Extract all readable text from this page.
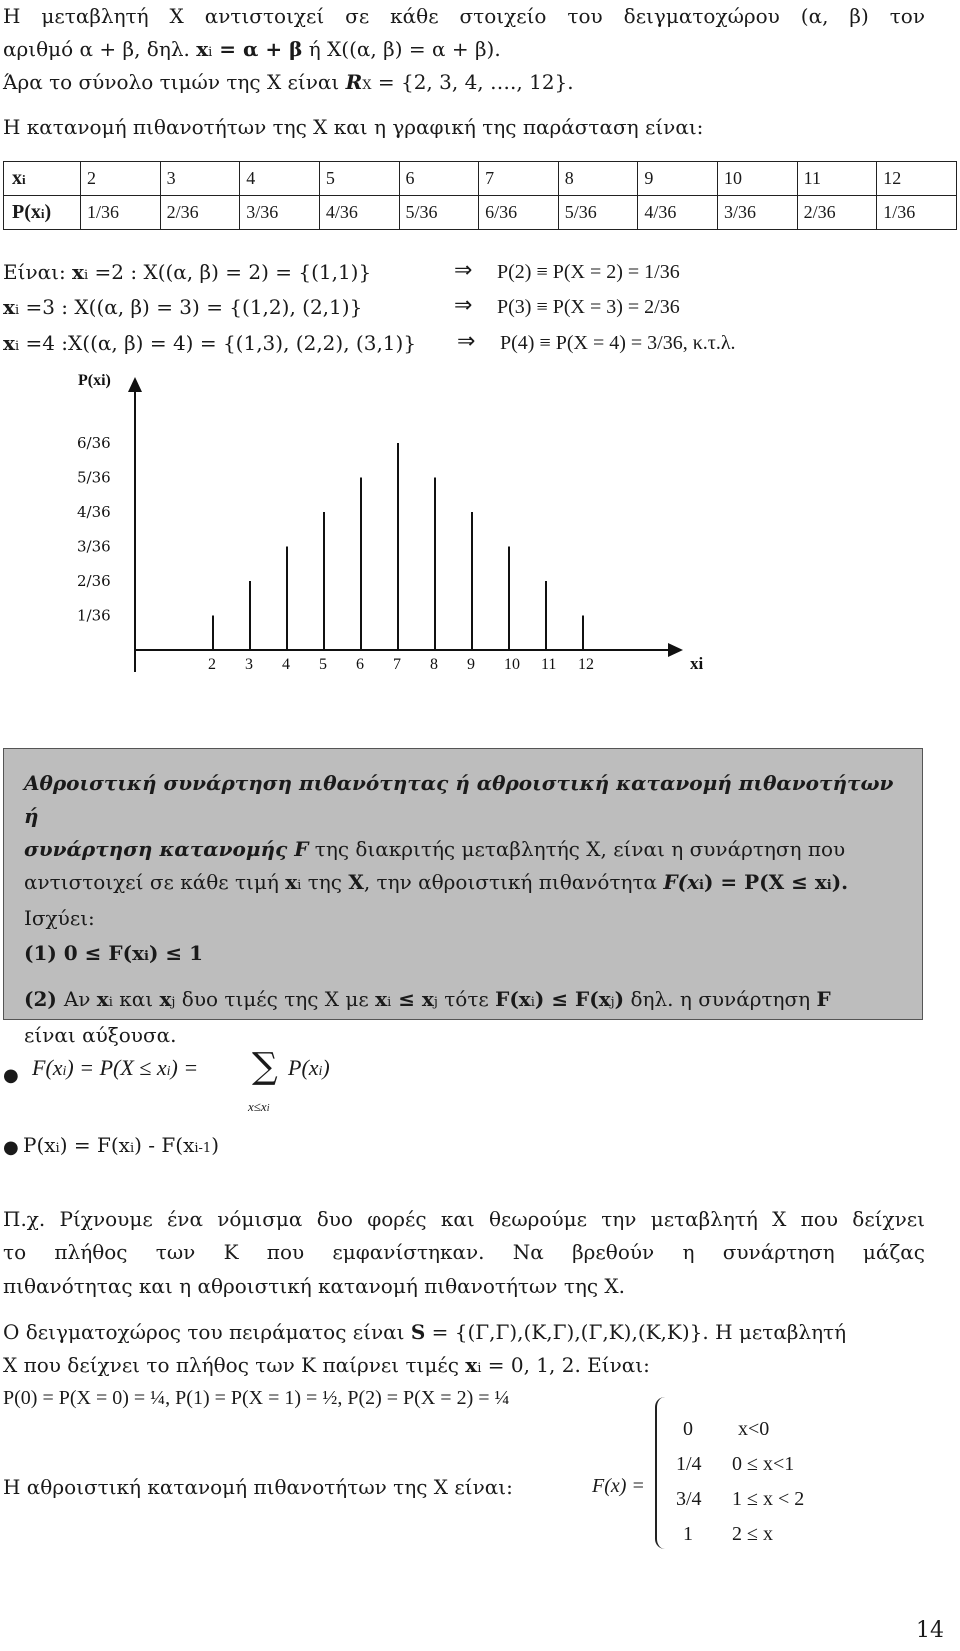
Η μεταβλητή Χ αντιστοιχεί σε κάθε στοιχείο του δειγματοχώρου (α, β) τον
αριθμό α + β, δηλ. xi = α + β ή Χ((α, β) = α + β).
Άρα το σύνολο τιμών της Χ είναι RX = {2, 3, 4, …., 12}.
Η κατανομή πιθανοτήτων της Χ και η γραφική της παράσταση είναι:
xi	2	3	4	5	6	7	8	9	10	11	12
P(xi)	1/36	2/36	3/36	4/36	5/36	6/36	5/36	4/36	3/36	2/36	1/36
Είναι: xi =2 : Χ((α, β) = 2) = {(1,1)}	⇒ P(2) ≡ P(X = 2) = 1/36
xi =3 : Χ((α, β) = 3) = {(1,2), (2,1)}	⇒ P(3) ≡ P(X = 3) = 2/36
xi =4 :Χ((α, β) = 4) = {(1,3), (2,2), (3,1)} ⇒ P(4) ≡ P(X = 4) = 3/36, κ.τ.λ.
P(xi)
1/36
2/36
3/36
4/36
5/36
6/36
2 3 4 5 6 7 8 9 10 11 12	xi

Αθροιστική συνάρτηση πιθανότητας ή αθροιστική κατανομή πιθανοτήτων ή

συνάρτηση κατανομής F της διακριτής μεταβλητής Χ, είναι η συνάρτηση που

αντιστοιχεί σε κάθε τιμή xi της X, την αθροιστική πιθανότητα F(xi) = P(X ≤ xi).

Ισχύει:

(1) 0 ≤ F(xi) ≤ 1

(2) Αν xi και xj δυο τιμές της Χ με xi ≤ xj τότε F(xi) ≤ F(xj) δηλ. η συνάρτηση F

είναι αύξουσα.

● F(xi) = P(X ≤ xi) = ∑
x≤xi
P(xi)
● P(xi) = F(xi) - F(xi-1)
Π.χ. Ρίχνουμε ένα νόμισμα δυο φορές και θεωρούμε την μεταβλητή Χ που δείχνει
το πλήθος των Κ που εμφανίστηκαν. Να βρεθούν η συνάρτηση μάζας
πιθανότητας και η αθροιστική κατανομή πιθανοτήτων της Χ.
Ο δειγματοχώρος του πειράματος είναι S = {(Γ,Γ),(Κ,Γ),(Γ,Κ),(Κ,Κ)}. Η μεταβλητή
Χ που δείχνει το πλήθος των Κ παίρνει τιμές xi = 0, 1, 2. Είναι:
P(0) = P(X = 0) = ¼, P(1) = P(X = 1) = ½, P(2) = P(X = 2) = ¼
Η αθροιστική κατανομή πιθανοτήτων της Χ είναι:	F(x) =
0 x<0
1/4 0 ≤ x<1
3/4 1 ≤ x < 2
1 2 ≤ x
14
